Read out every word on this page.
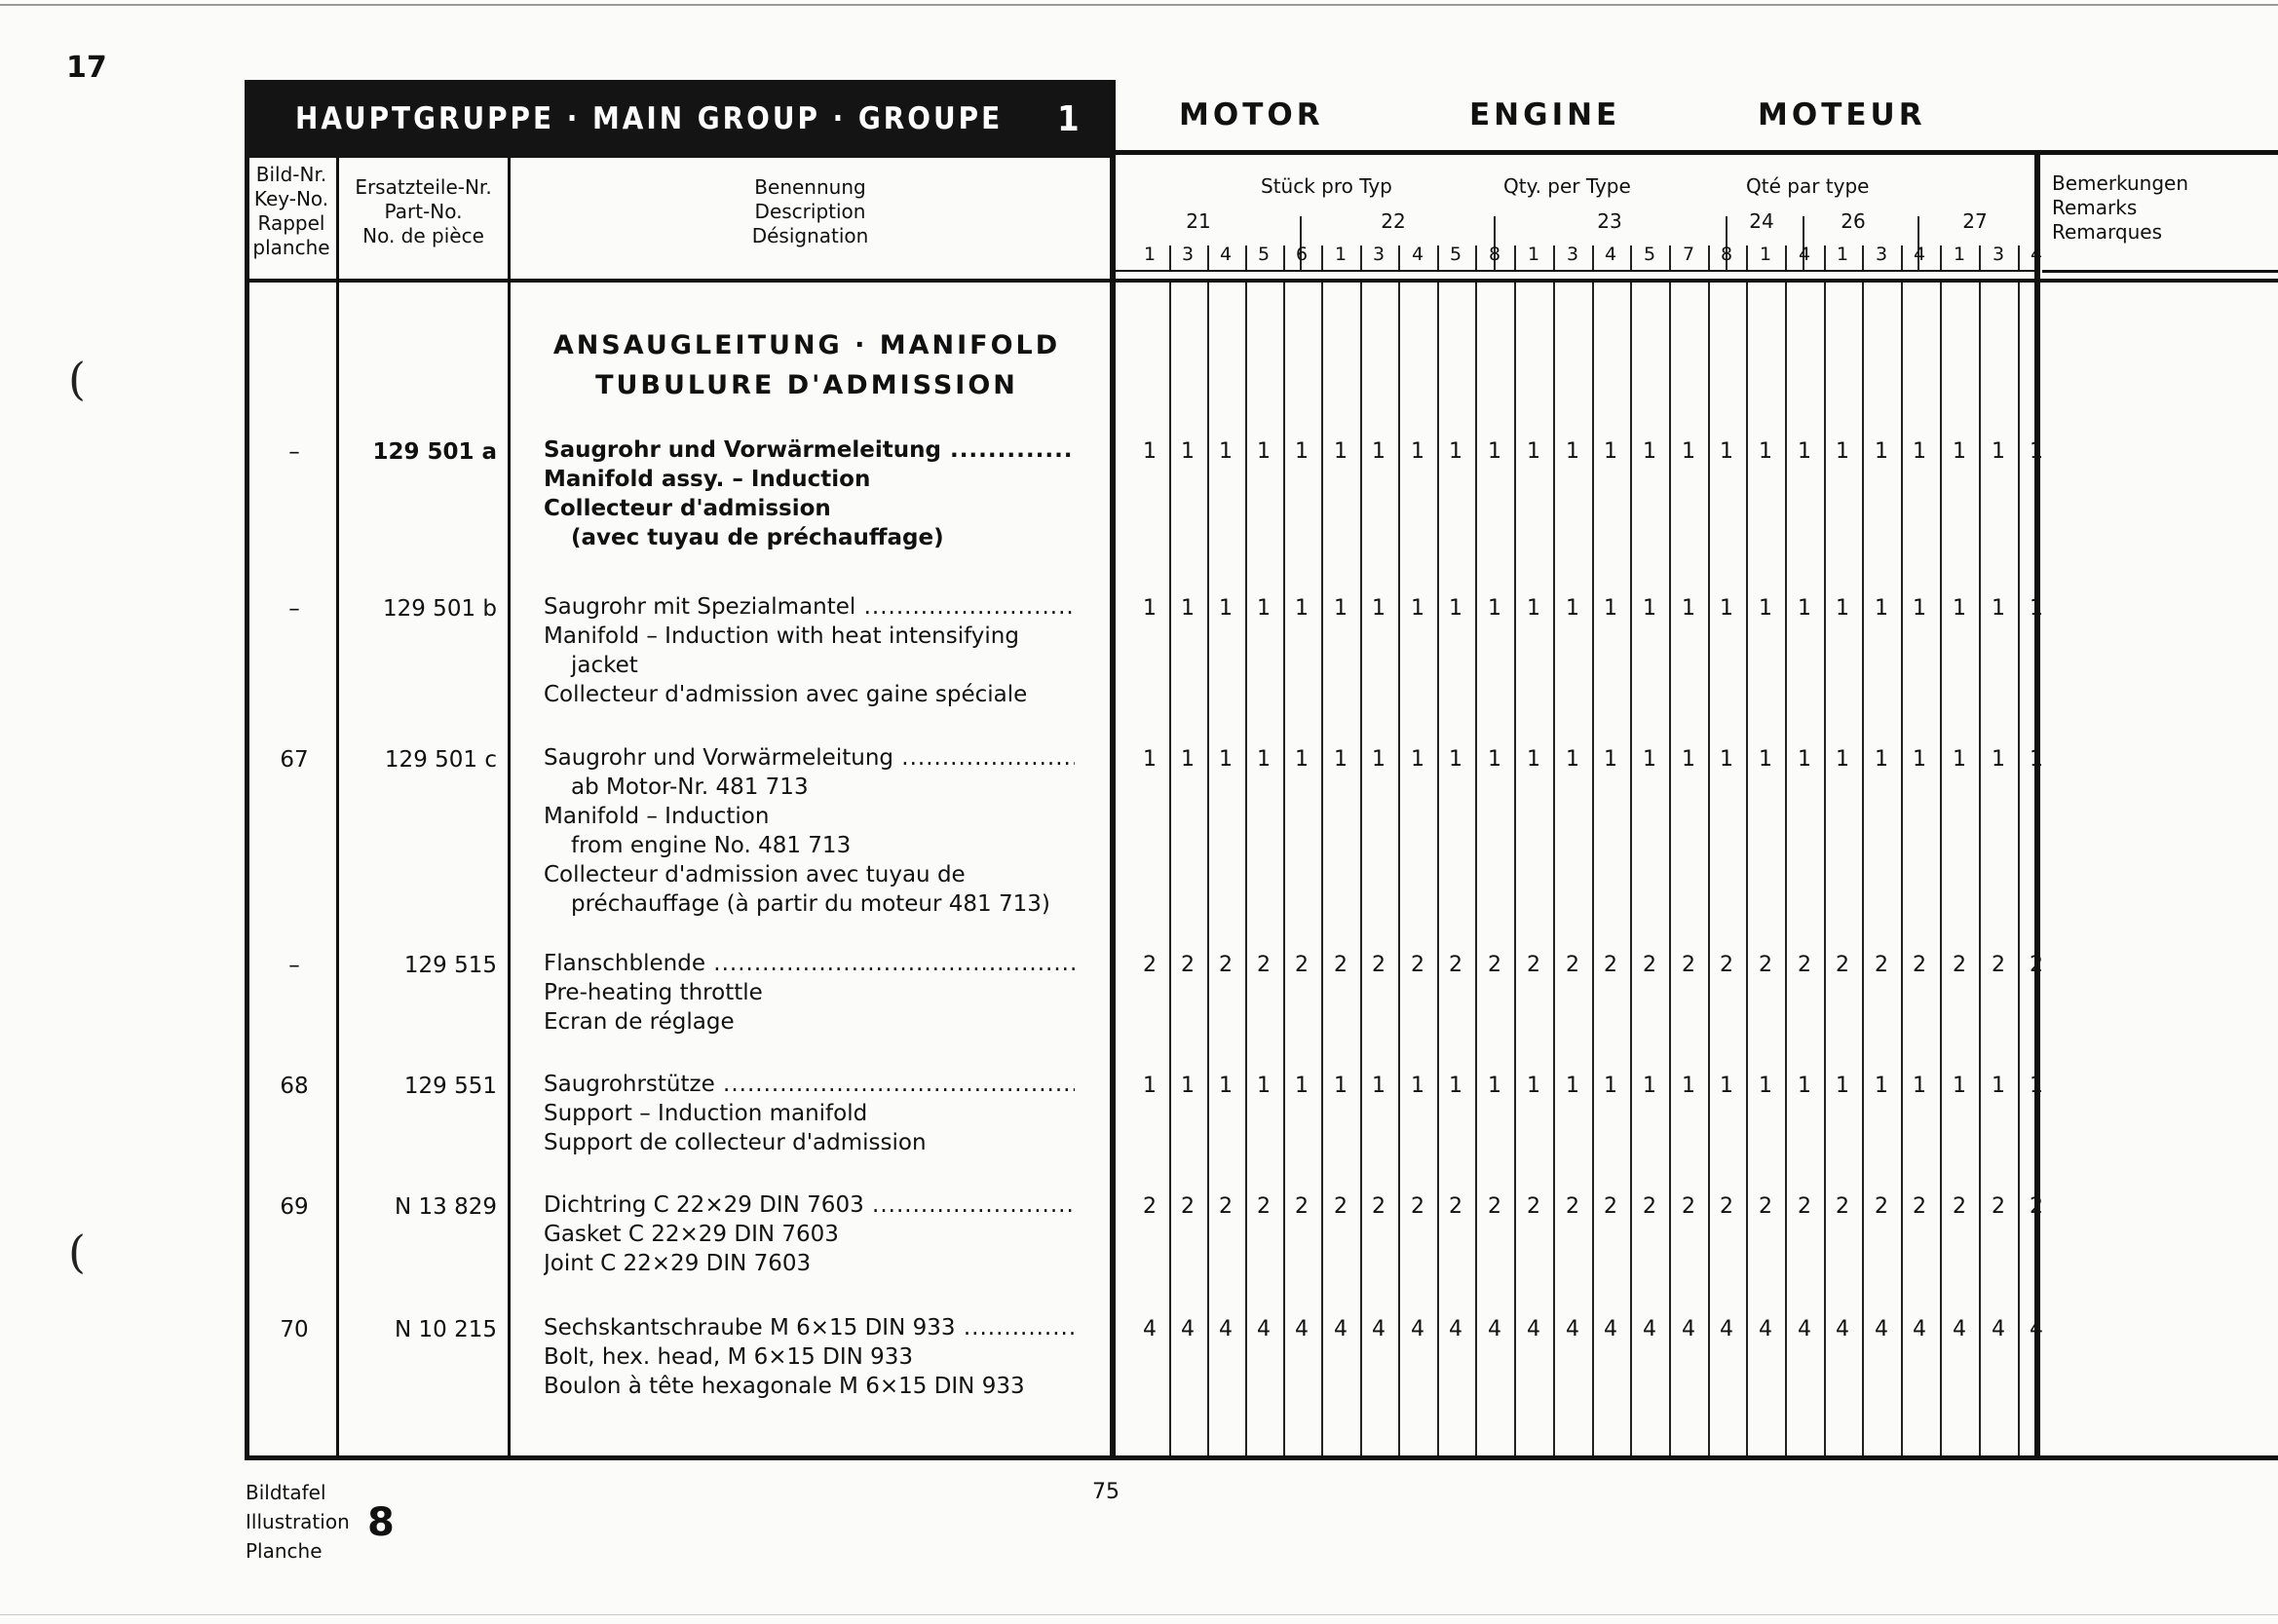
17
(
(
HAUPTGRUPPE · MAIN GROUP · GROUPE 1	MOTOR	ENGINE	MOTEUR
Bild-Nr.
Key-No.
Rappel
planche
Ersatzteile-Nr.
Part-No.
No. de pièce
Benennung
Description
Désignation
Bemerkungen
Remarks
Remarques
Stück pro Typ	Qty. per Type	Qté par type
21	22	23	24	26	27
1	3	4	5	6	1	3	4	5	8	1	3	4	5	7	8	1	4	1	3	4	1	3	4
ANSAUGLEITUNG · MANIFOLD
TUBULURE D'ADMISSION
–	129 501 a Saugrohr und Vorwärmeleitung .....
Manifold assy. – Induction
Collecteur d'admission
(avec tuyau de préchauffage)
1	1	1	1	1	1	1	1	1	1	1	1	1	1	1	1	1	1	1	1	1	1	1	1
–	129 501 b Saugrohr mit Spezialmantel .....
Manifold – Induction with heat intensifying
jacket
Collecteur d'admission avec gaine spéciale
1	1	1	1	1	1	1	1	1	1	1	1	1	1	1	1	1	1	1	1	1	1	1	1
67	129 501 c Saugrohr und Vorwärmeleitung .....
ab Motor-Nr. 481 713
Manifold – Induction
from engine No. 481 713
Collecteur d'admission avec tuyau de
préchauffage (à partir du moteur 481 713)
1	1	1	1	1	1	1	1	1	1	1	1	1	1	1	1	1	1	1	1	1	1	1	1
–	129 515 Flanschblende .....
Pre-heating throttle
Ecran de réglage
2	2	2	2	2	2	2	2	2	2	2	2	2	2	2	2	2	2	2	2	2	2	2	2
68	129 551 Saugrohrstütze .....
Support – Induction manifold
Support de collecteur d'admission
1	1	1	1	1	1	1	1	1	1	1	1	1	1	1	1	1	1	1	1	1	1	1	1
69	N 13 829 Dichtring C 22×29 DIN 7603 .....
Gasket C 22×29 DIN 7603
Joint C 22×29 DIN 7603
2	2	2	2	2	2	2	2	2	2	2	2	2	2	2	2	2	2	2	2	2	2	2	2
70	N 10 215 Sechskantschraube M 6×15 DIN 933 .....
Bolt, hex. head, M 6×15 DIN 933
Boulon à tête hexagonale M 6×15 DIN 933
4	4	4	4	4	4	4	4	4	4	4	4	4	4	4	4	4	4	4	4	4	4	4	4
Bildtafel
Illustration
Planche
8
75
